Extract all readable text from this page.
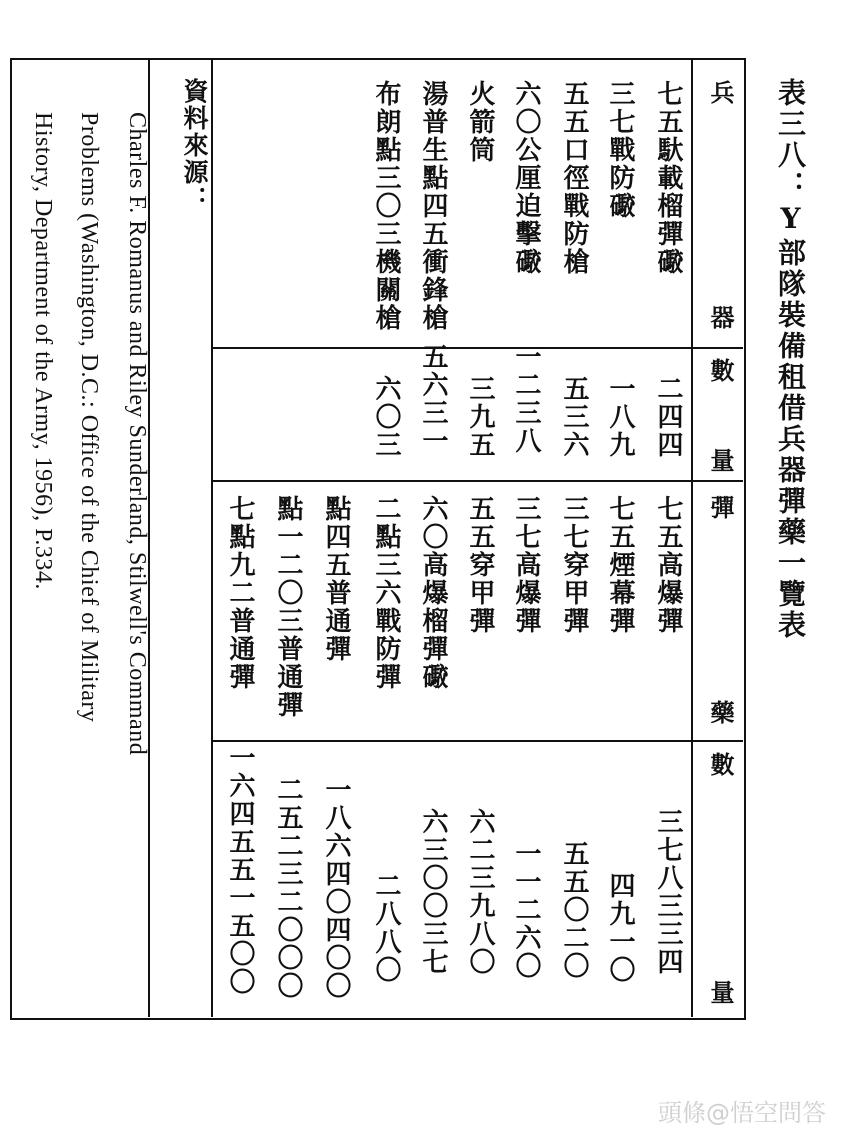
表三八：Y部隊裝備租借兵器彈藥一覽表
兵
器
數
量
彈
藥
數
量
七五馱載榴彈礮
三七戰防礮
五五口徑戰防槍
六〇公厘迫擊礮
火箭筒
湯普生點四五衝鋒槍
布朗點三〇三機關槍
二四四
一八九
五三六
一二三八
三九五
五六三一
六〇三
七五高爆彈
七五煙幕彈
三七穿甲彈
三七高爆彈
五五穿甲彈
六〇高爆榴彈礮
二點三六戰防彈
點四五普通彈
點一二〇三普通彈
七點九二普通彈
三七八三三四
四九一〇
五五〇二〇
一一二六〇
六二三九八〇
六三〇〇三七
二八八〇
一八六四〇四〇〇
二五二三二〇〇〇
一六四五五一五〇〇
資料來源：
Charles F. Romanus and Riley Sunderland, Stilwell's Command
Problems (Washington, D.C.: Office of the Chief of Military
History, Department of the Army, 1956), P.334.
頭條@悟空問答
